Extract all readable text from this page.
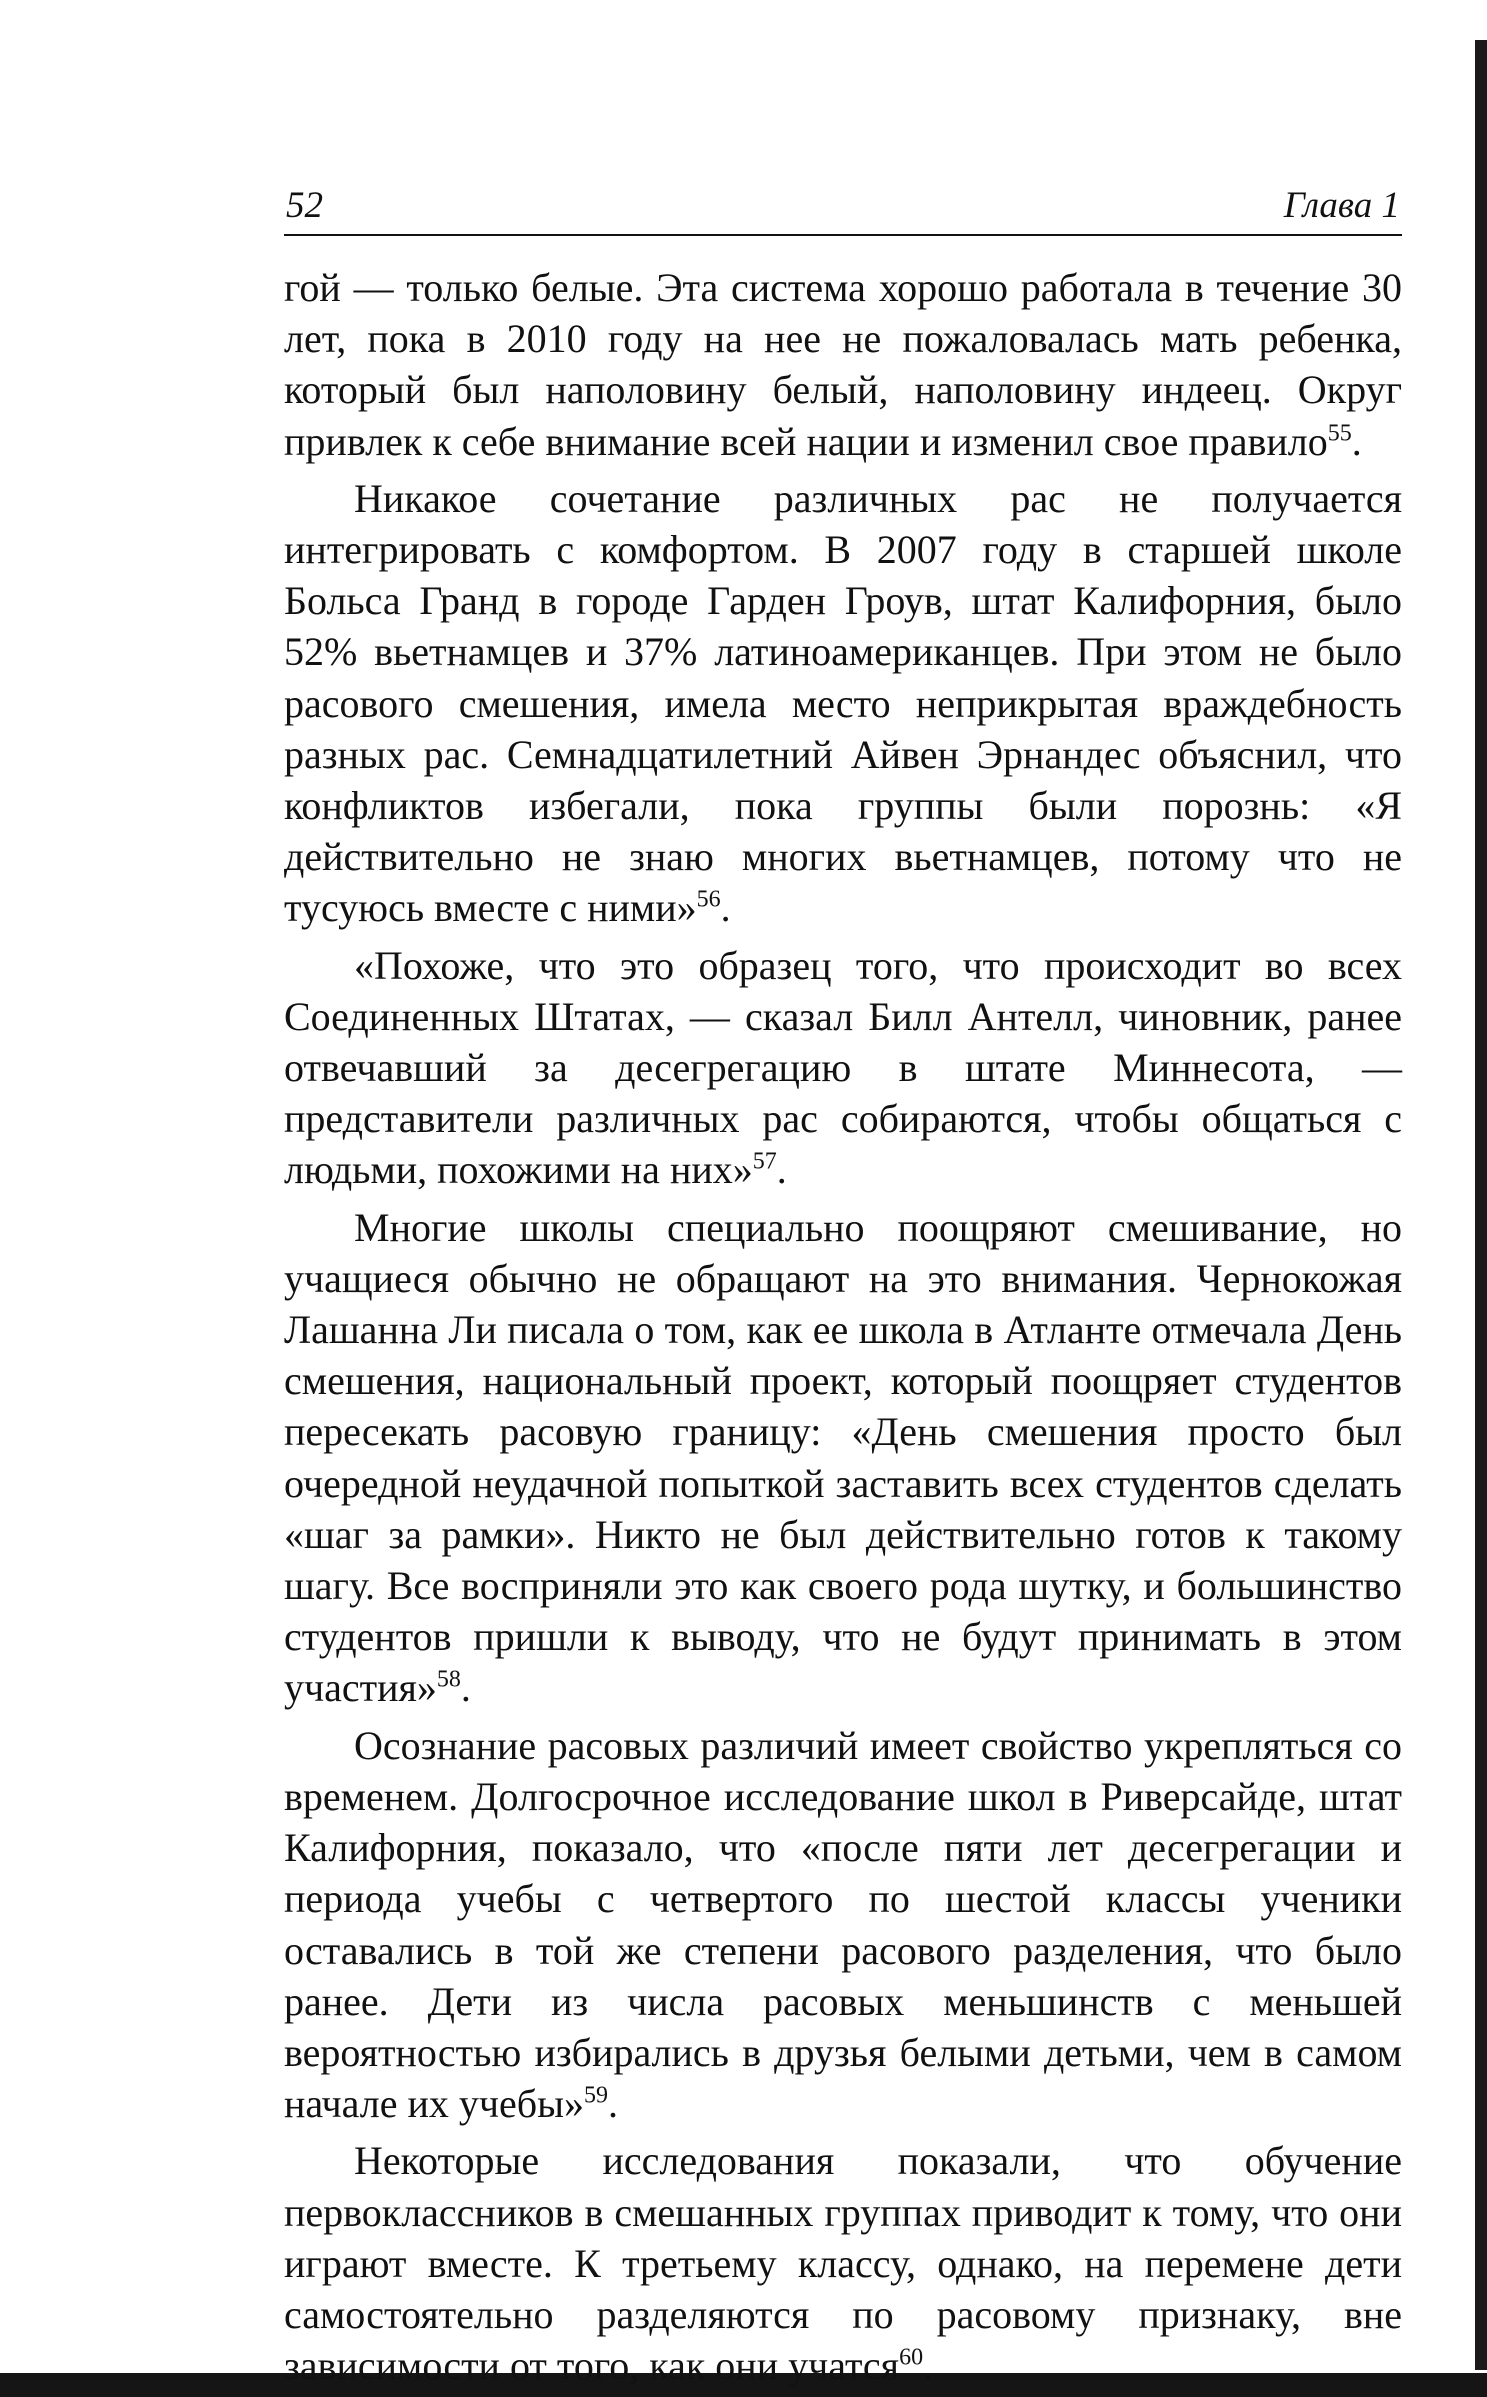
52	Глава 1

гой — только белые. Эта система хорошо работала в течение 30 лет, пока в 2010 году на нее не пожаловалась мать ребенка, который был наполовину белый, наполовину индеец. Округ привлек к себе внимание всей нации и изменил свое правило$^{55}$.

Никакое сочетание различных рас не получается интегрировать с комфортом. В 2007 году в старшей школе Больса Гранд в городе Гарден Гроув, штат Калифорния, было 52% вьетнамцев и 37% латиноамериканцев. При этом не было расового смешения, имела место неприкрытая враждебность разных рас. Семнадцатилетний Айвен Эрнандес объяснил, что конфликтов избегали, пока группы были порознь: «Я действительно не знаю многих вьетнамцев, потому что не тусуюсь вместе с ними»$^{56}$.

«Похоже, что это образец того, что происходит во всех Соединенных Штатах, — сказал Билл Антелл, чиновник, ранее отвечавший за десегрегацию в штате Миннесота, — представители различных рас собираются, чтобы общаться с людьми, похожими на них»$^{57}$.

Многие школы специально поощряют смешивание, но учащиеся обычно не обращают на это внимания. Чернокожая Лашанна Ли писала о том, как ее школа в Атланте отмечала День смешения, национальный проект, который поощряет студентов пересекать расовую границу: «День смешения просто был очередной неудачной попыткой заставить всех студентов сделать «шаг за рамки». Никто не был действительно готов к такому шагу. Все восприняли это как своего рода шутку, и большинство студентов пришли к выводу, что не будут принимать в этом участия»$^{58}$.

Осознание расовых различий имеет свойство укрепляться со временем. Долгосрочное исследование школ в Риверсайде, штат Калифорния, показало, что «после пяти лет десегрегации и периода учебы с четвертого по шестой классы ученики оставались в той же степени расового разделения, что было ранее. Дети из числа расовых меньшинств с меньшей вероятностью избирались в друзья белыми детьми, чем в самом начале их учебы»$^{59}$.

Некоторые исследования показали, что обучение первоклассников в смешанных группах приводит к тому, что они играют вместе. К третьему классу, однако, на перемене дети самостоятельно разделяются по расовому признаку, вне зависимости от того, как они учатся$^{60}$.
